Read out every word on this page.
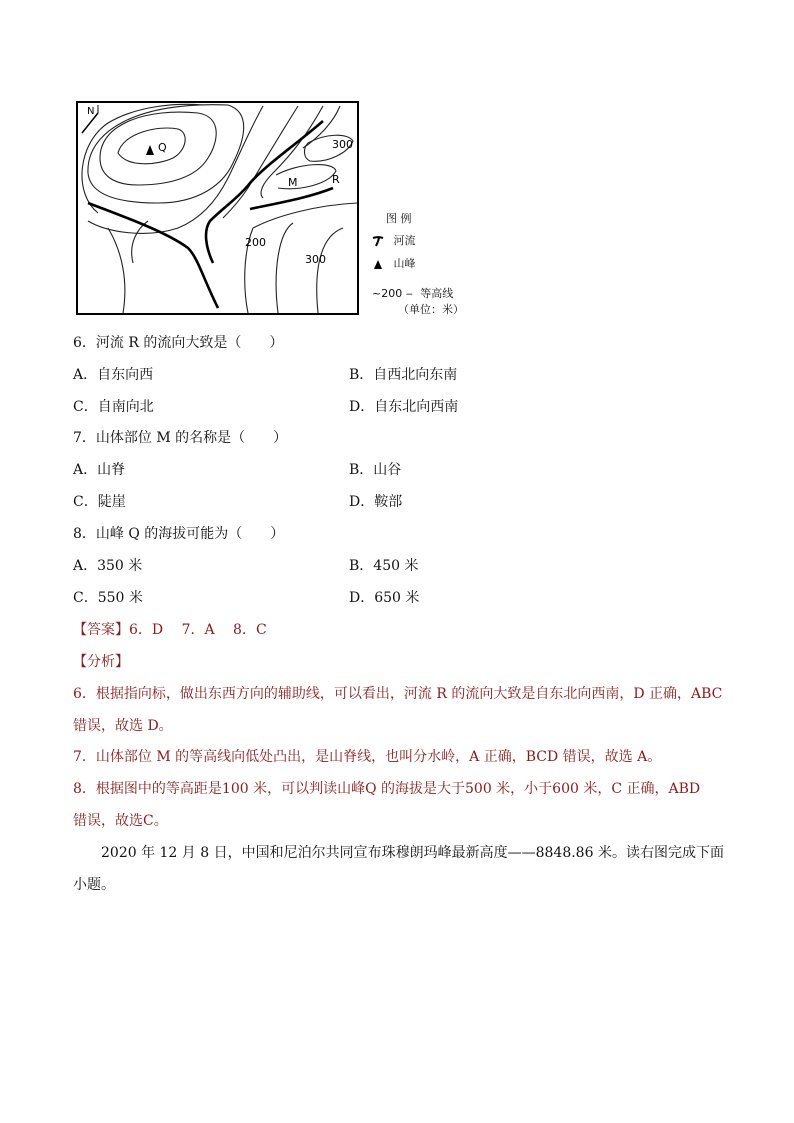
N
Q
M	R
300
200
300
图 例
河流
山峰
~200 ‒ 等高线
（单位：米）
6．河流 R 的流向大致是（　　）
A．自东向西	B．自西北向东南
C．自南向北	D．自东北向西南
7．山体部位 M 的名称是（　　）
A．山脊	B．山谷
C．陡崖	D．鞍部
8．山峰 Q 的海拔可能为（　　）
A．350 米	B．450 米
C．550 米	D．650 米
【答案】6．D　 7．A　 8．C
【分析】
6．根据指向标，做出东西方向的辅助线，可以看出，河流 R 的流向大致是自东北向西南，D 正确，ABC
错误，故选 D。
7．山体部位 M 的等高线向低处凸出，是山脊线，也叫分水岭，A 正确，BCD 错误，故选 A。
8．根据图中的等高距是100 米，可以判读山峰Q 的海拔是大于500 米，小于600 米，C 正确，ABD
错误，故选C。
　　2020 年 12 月 8 日，中国和尼泊尔共同宣布珠穆朗玛峰最新高度——8848.86 米。读右图完成下面
小题。
